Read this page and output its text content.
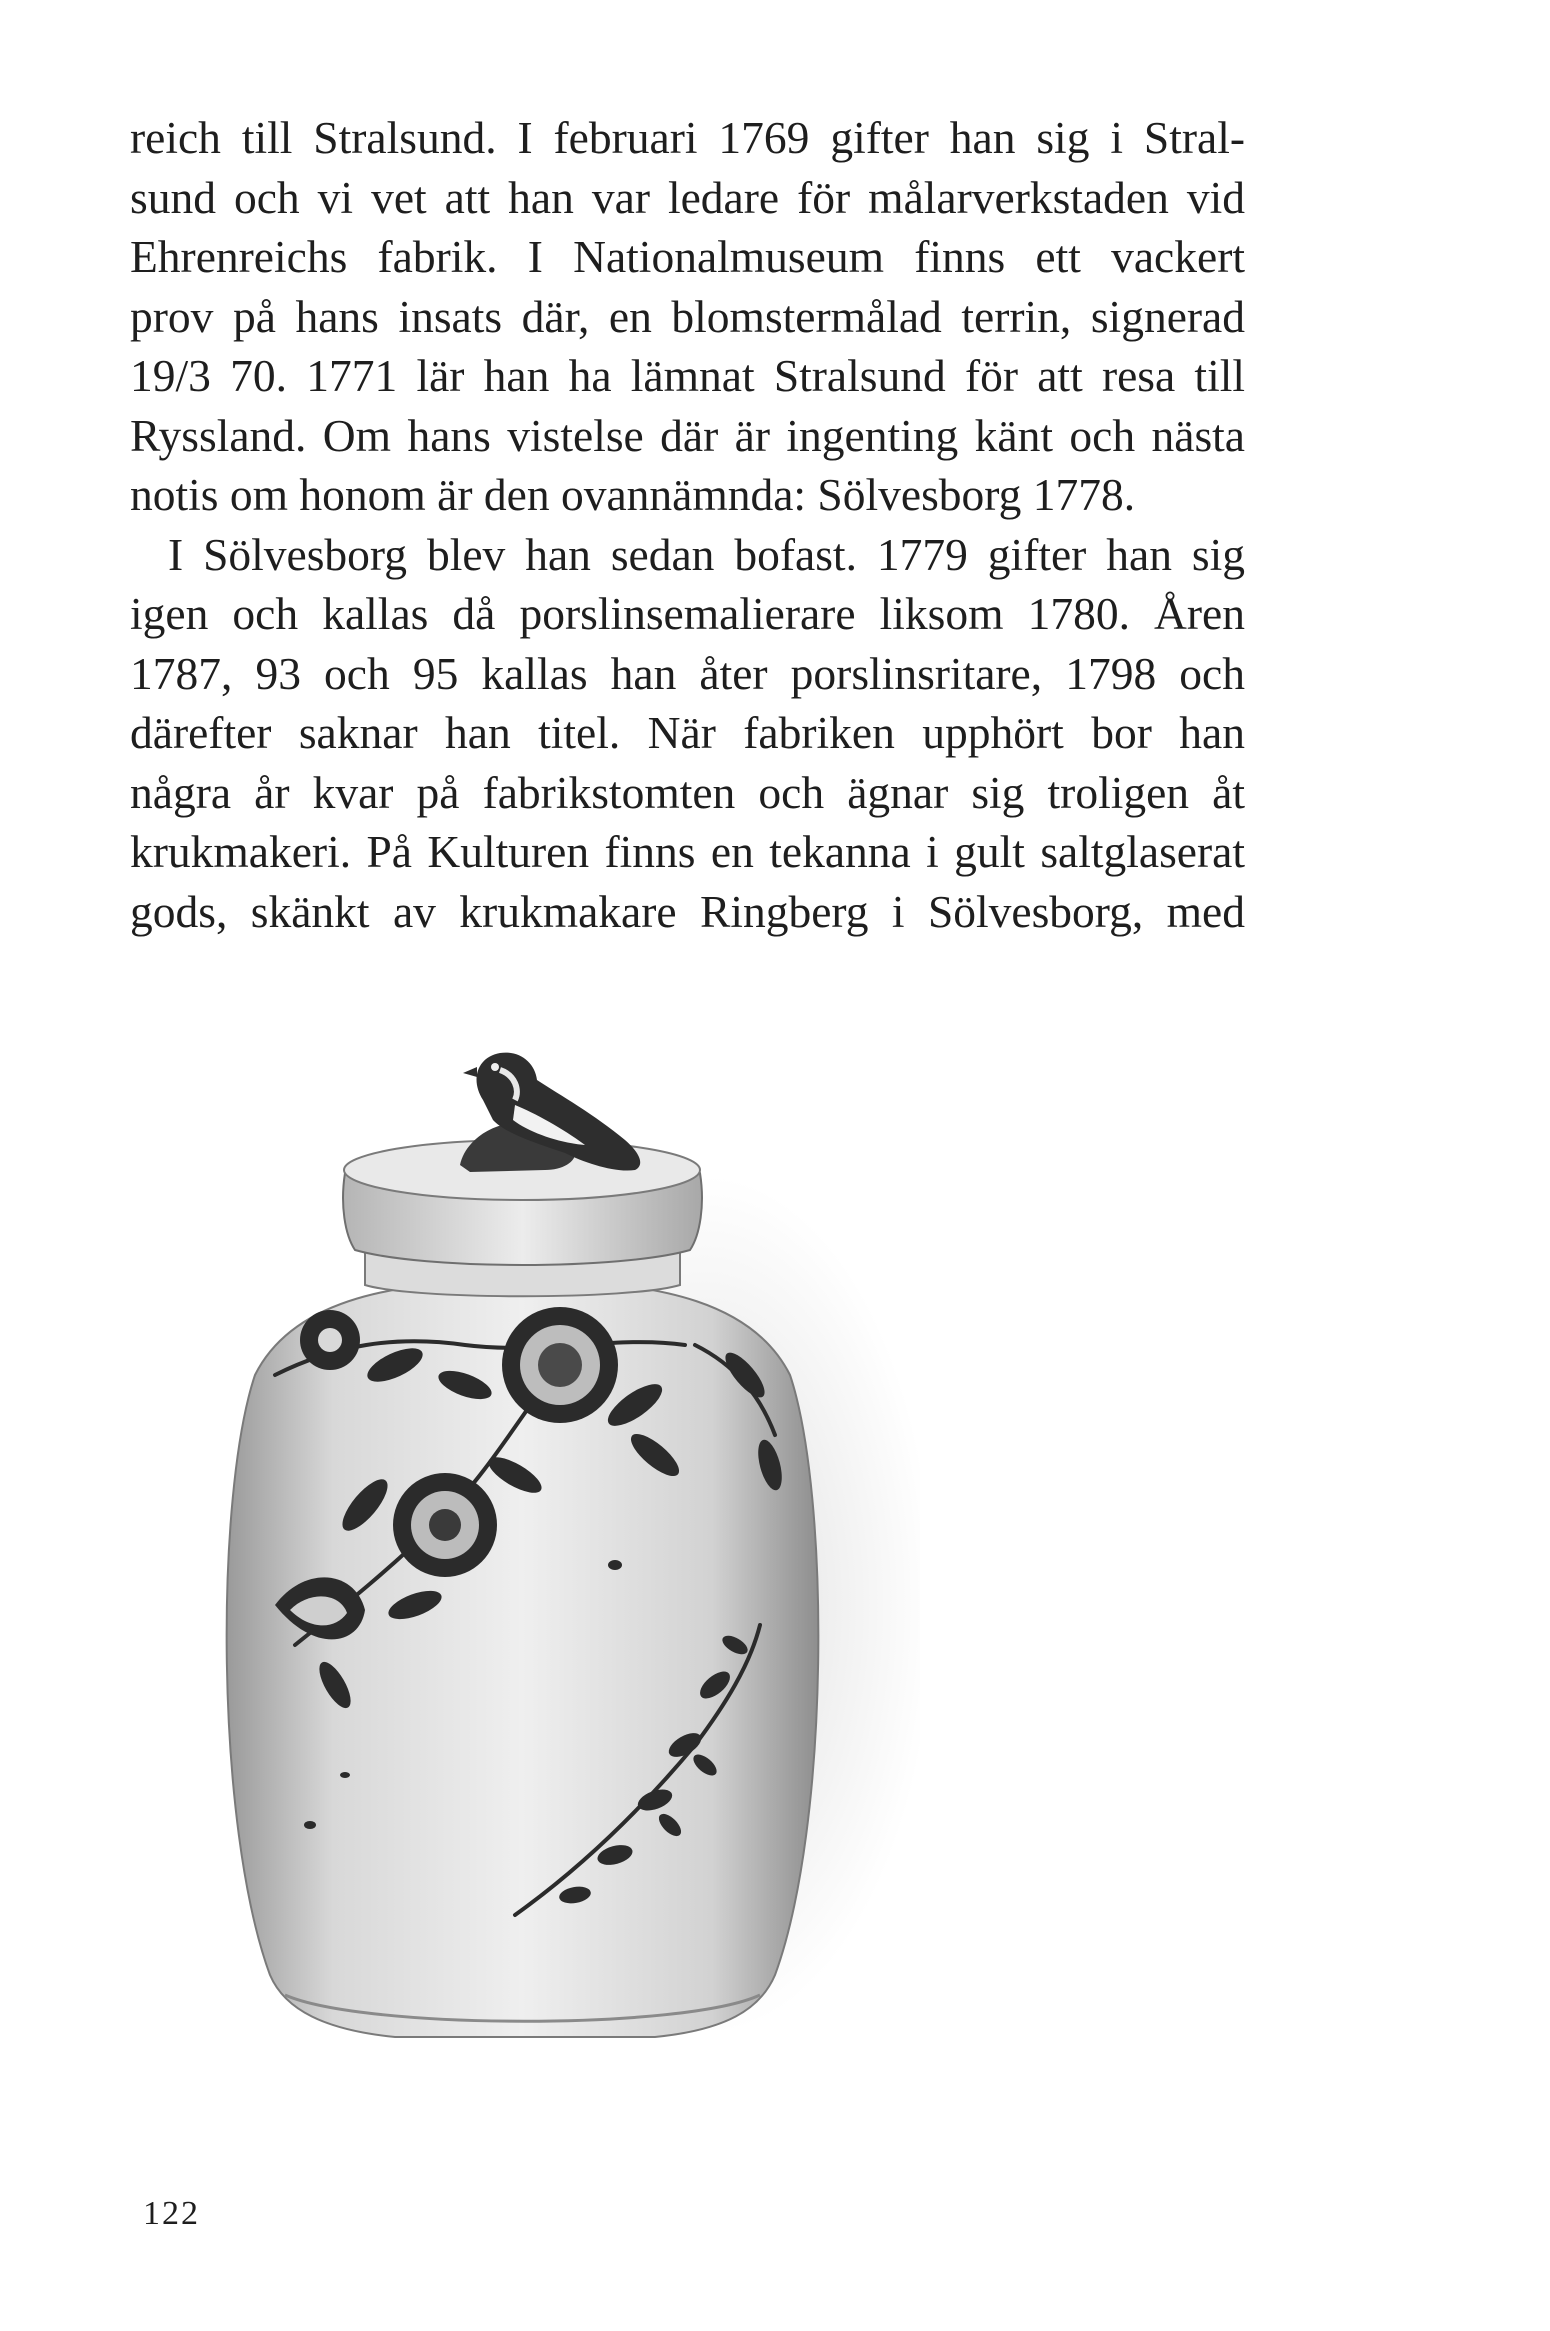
reich till Stralsund. I februari 1769 gifter han sig i Stral-
sund och vi vet att han var ledare för målarverkstaden vid
Ehrenreichs fabrik. I Nationalmuseum finns ett vackert
prov på hans insats där, en blomstermålad terrin, signerad
19/3 70. 1771 lär han ha lämnat Stralsund för att resa till
Ryssland. Om hans vistelse där är ingenting känt och nästa
notis om honom är den ovannämnda: Sölvesborg 1778.

I Sölvesborg blev han sedan bofast. 1779 gifter han sig
igen och kallas då porslinsemalierare liksom 1780. Åren
1787, 93 och 95 kallas han åter porslinsritare, 1798 och
därefter saknar han titel. När fabriken upphört bor han
några år kvar på fabrikstomten och ägnar sig troligen åt
krukmakeri. På Kulturen finns en tekanna i gult saltglaserat
gods, skänkt av krukmakare Ringberg i Sölvesborg, med

122
